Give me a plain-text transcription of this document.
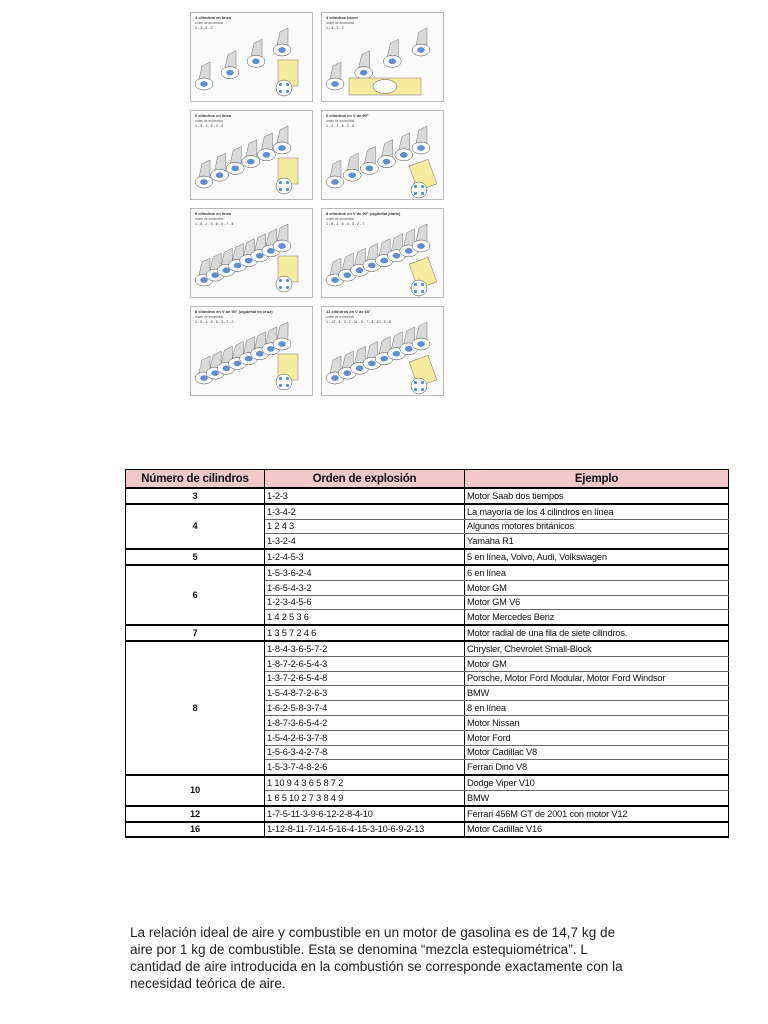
4 cilindros en línea
orden de encendido
1 - 3 - 4 - 2
4 cilindros bóxer
orden de encendido
1 - 4 - 3 - 2
6 cilindros en línea
orden de encendido
1 - 5 - 3 - 6 - 2 - 4
6 cilindros en V de 90°
orden de encendido
1 - 4 - 3 - 6 - 2 - 5
8 cilindros en línea
orden de encendido
1 - 6 - 2 - 5 - 8 - 3 - 7 - 4
8 cilindros en V de 90° (cigüeñal plano)
orden de encendido
1 - 8 - 3 - 6 - 4 - 5 - 2 - 7
8 cilindros en V de 90° (cigüeñal en cruz)
orden de encendido
1 - 5 - 4 - 8 - 6 - 3 - 7 - 2
12 cilindros en V de 60°
orden de encendido
1 - 12 - 4 - 9 - 2 - 11 - 6 - 7 - 3 - 10 - 5 - 8
Número de cilindros	Orden de explosión	Ejemplo
3	1-2-3	Motor Saab dos tiempos
4	1-3-4-2	La mayoría de los 4 cilindros en línea
	1 2 4 3	Algunos motores británicos
	1-3-2-4	Yamaha R1
5	1-2-4-5-3	5 en línea, Volvo, Audi, Volkswagen
6	1-5-3-6-2-4	6 en línea
	1-6-5-4-3-2	Motor GM
	1-2-3-4-5-6	Motor GM V6
	1 4 2 5 3 6	Motor Mercedes Benz
7	1 3 5 7 2 4 6	Motor radial de una fila de siete cilindros.
8	1-8-4-3-6-5-7-2	Chrysler, Chevrolet Small-Block
	1-8-7-2-6-5-4-3	Motor GM
	1-3-7-2-6-5-4-8	Porsche, Motor Ford Modular, Motor Ford Windsor
	1-5-4-8-7-2-6-3	BMW
	1-6-2-5-8-3-7-4	8 en línea
	1-8-7-3-6-5-4-2	Motor Nissan
	1-5-4-2-6-3-7-8	Motor Ford
	1-5-6-3-4-2-7-8	Motor Cadillac V8
	1-5-3-7-4-8-2-6	Ferrari Dino V8
10	1 10 9 4 3 6 5 8 7 2	Dodge Viper V10
	1 6 5 10 2 7 3 8 4 9	BMW
12	1-7-5-11-3-9-6-12-2-8-4-10	Ferrari 456M GT de 2001 con motor V12
16	1-12-8-11-7-14-5-16-4-15-3-10-6-9-2-13	Motor Cadillac V16

La relación ideal de aire y combustible en un motor de gasolina es de 14,7 kg de aire por 1 kg de combustible. Esta se denomina “mezcla estequiométrica”. L cantidad de aire introducida en la combustión se corresponde exactamente con la necesidad teórica de aire.
